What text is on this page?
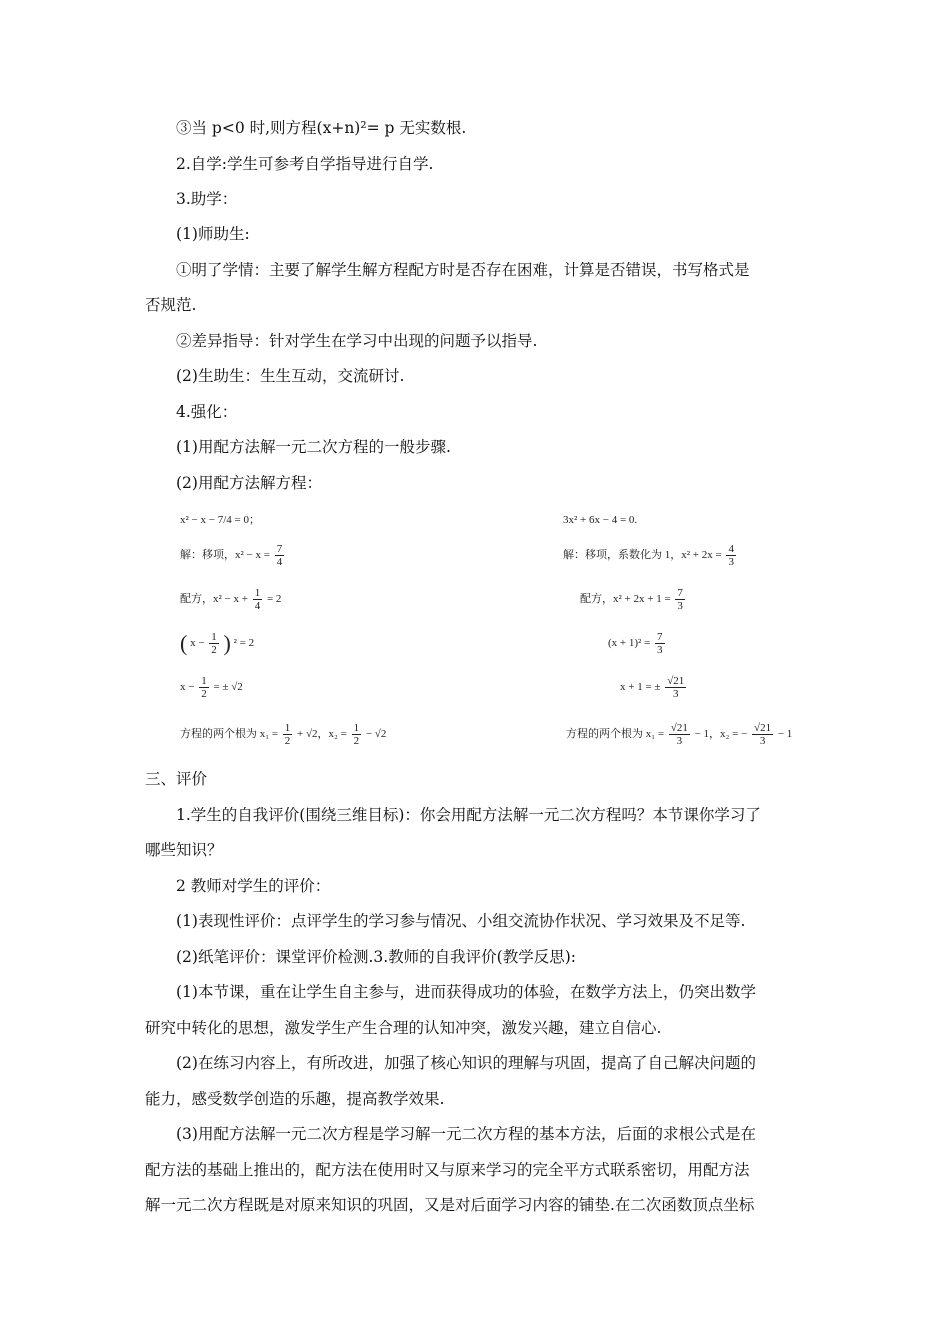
③当 p<0 时,则方程(x+n)²= p 无实数根.
2.自学:学生可参考自学指导进行自学.
3.助学：
(1)师助生:
①明了学情：主要了解学生解方程配方时是否存在困难，计算是否错误，书写格式是
否规范.
②差异指导：针对学生在学习中出现的问题予以指导.
(2)生助生：生生互动，交流研讨.
4.强化：
(1)用配方法解一元二次方程的一般步骤.
(2)用配方法解方程：
x² − x − 7/4 = 0；
解：移项，$x^2 - x = \frac{7}{4}$
配方，$x^2 - x + \frac{1}{4} = 2$
( $x - \frac{1}{2}$ ) ² = 2
$x - \frac{1}{2}$ = ± √2
方程的两个根为 $x_1 = \frac{1}{2} + √2$，$x_2 = \frac{1}{2} - √2$
3x² + 6x − 4 = 0.
解：移项，系数化为 1，$x^2 + 2x = \frac{4}{3}$
配方，$x^2 + 2x + 1 = \frac{7}{3}$
$(x + 1)^2 = \frac{7}{3}$
x + 1 = ± $\frac{√21}{3}$
方程的两个根为 $x_1 = \frac{√21}{3} - 1$，x₂ = − $\frac{√21}{3} - 1$
三、评价
1.学生的自我评价(围绕三维目标)：你会用配方法解一元二次方程吗？本节课你学习了
哪些知识？
2 教师对学生的评价：
(1)表现性评价：点评学生的学习参与情况、小组交流协作状况、学习效果及不足等.
(2)纸笔评价：课堂评价检测.3.教师的自我评价(教学反思):
(1)本节课，重在让学生自主参与，进而获得成功的体验，在数学方法上，仍突出数学
研究中转化的思想，激发学生产生合理的认知冲突，激发兴趣，建立自信心.
(2)在练习内容上，有所改进，加强了核心知识的理解与巩固，提高了自己解决问题的
能力，感受数学创造的乐趣，提高教学效果.
(3)用配方法解一元二次方程是学习解一元二次方程的基本方法，后面的求根公式是在
配方法的基础上推出的，配方法在使用时又与原来学习的完全平方式联系密切，用配方法
解一元二次方程既是对原来知识的巩固，又是对后面学习内容的铺垫.在二次函数顶点坐标
